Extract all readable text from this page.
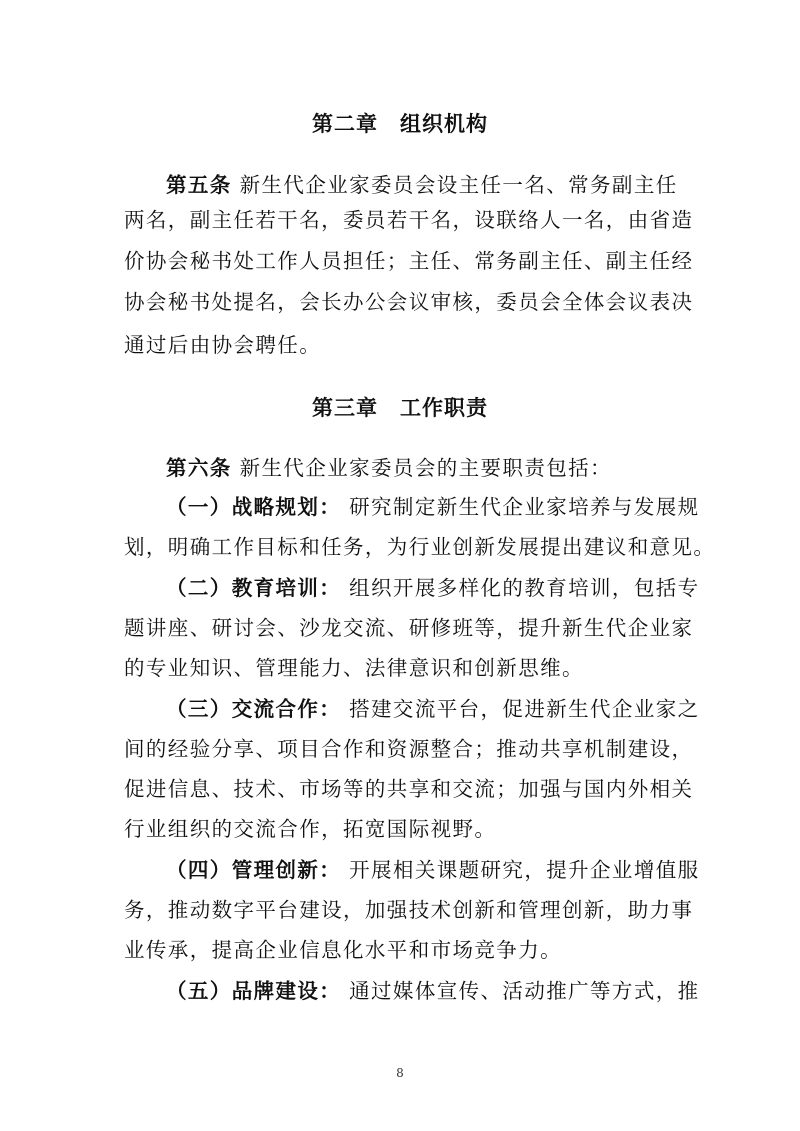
第二章　组织机构
第五条 新生代企业家委员会设主任一名、常务副主任
两名，副主任若干名，委员若干名，设联络人一名，由省造
价协会秘书处工作人员担任；主任、常务副主任、副主任经
协会秘书处提名，会长办公会议审核，委员会全体会议表决
通过后由协会聘任。
第三章　工作职责
第六条 新生代企业家委员会的主要职责包括：
（一）战略规划： 研究制定新生代企业家培养与发展规
划，明确工作目标和任务，为行业创新发展提出建议和意见。
（二）教育培训： 组织开展多样化的教育培训，包括专
题讲座、研讨会、沙龙交流、研修班等，提升新生代企业家
的专业知识、管理能力、法律意识和创新思维。
（三）交流合作： 搭建交流平台，促进新生代企业家之
间的经验分享、项目合作和资源整合；推动共享机制建设，
促进信息、技术、市场等的共享和交流；加强与国内外相关
行业组织的交流合作，拓宽国际视野。
（四）管理创新： 开展相关课题研究，提升企业增值服
务，推动数字平台建设，加强技术创新和管理创新，助力事
业传承，提高企业信息化水平和市场竞争力。
（五）品牌建设： 通过媒体宣传、活动推广等方式，推
8
